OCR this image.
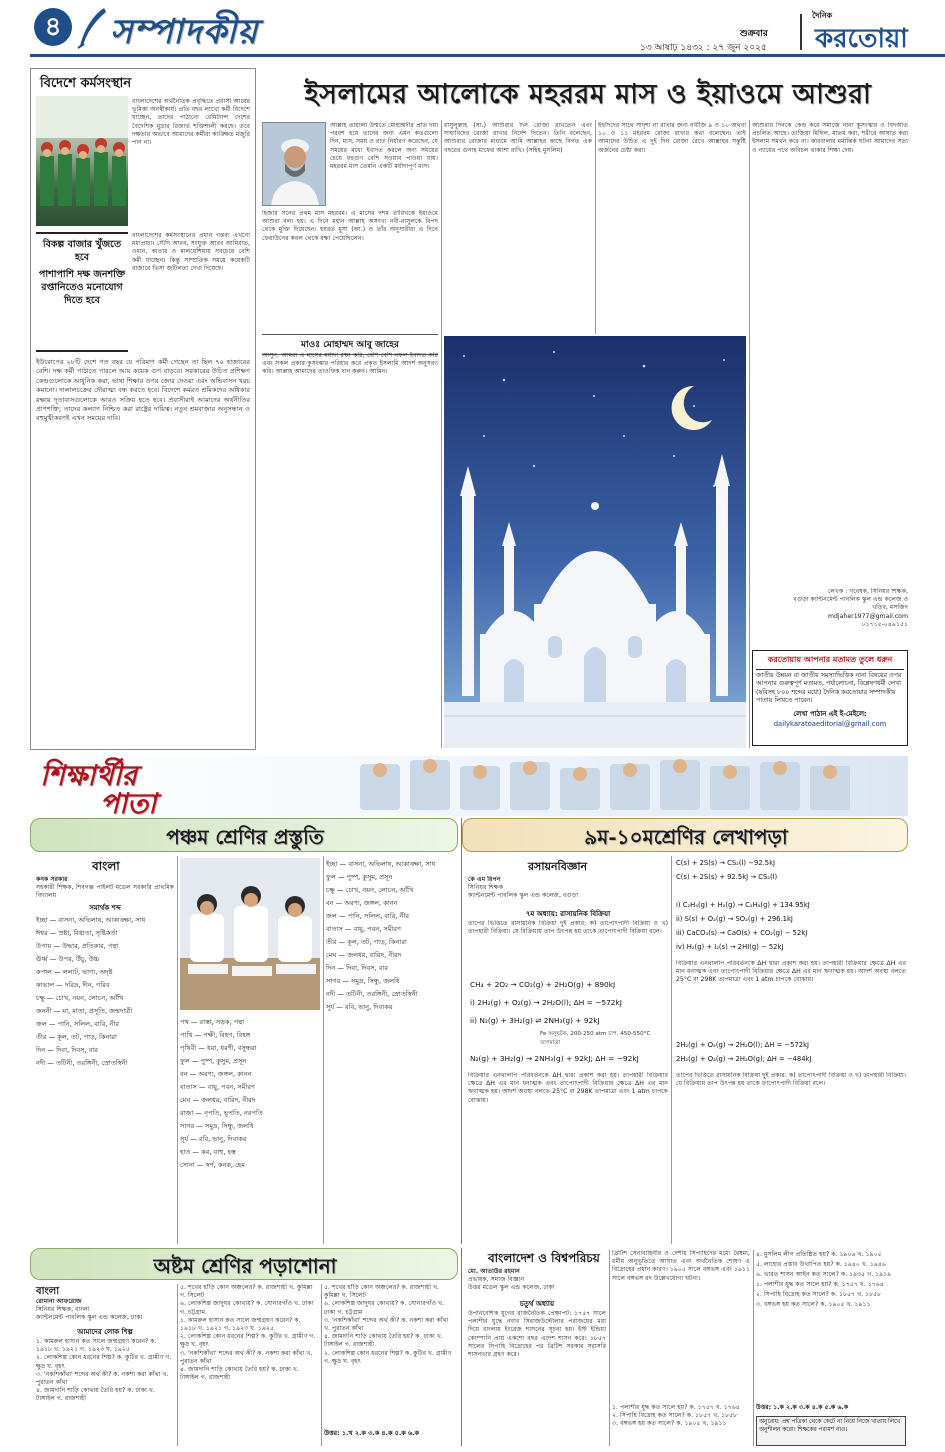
৪	সম্পাদকীয়	১৩ আষাঢ় ১৪৩২ : ২৭ জুন ২০২৫
শুক্রবার
দৈনিক
করতোয়া
বিদেশে কর্মসংস্থান
বাংলাদেশের অর্থনৈতিক প্রবৃদ্ধিতে প্রবাসী আয়ের ভূমিকা অনস্বীকার্য। প্রতি বছর লাখো কর্মী বিদেশে যাচ্ছেন, তাদের পাঠানো রেমিট্যান্স দেশের বৈদেশিক মুদ্রার রিজার্ভ শক্তিশালী করছে। তবে দক্ষতার অভাবে আমাদের কর্মীরা কাঙ্ক্ষিত মজুরি পান না।
বিকল্প বাজার খুঁজতে হবে
পাশাপাশি দক্ষ জনশক্তি রপ্তানিতেও মনোযোগ দিতে হবে
বাংলাদেশের কর্মসংস্থানের প্রধান গন্তব্য এখনো মধ্যপ্রাচ্য। সৌদি আরব, সংযুক্ত আরব আমিরাত, ওমান, কাতার ও মালয়েশিয়ায় সবচেয়ে বেশি কর্মী যাচ্ছেন। কিন্তু সাম্প্রতিক সময়ে কয়েকটি বাজারে ভিসা জটিলতা দেখা দিয়েছে।
ইউরোপের ২৮টি দেশে গত বছর যে পরিমাণ কর্মী গেছেন তা ছিল ৭০ হাজারের বেশি। দক্ষ কর্মী পাঠাতে পারলে আয় কয়েক গুণ বাড়বে। সরকারের উচিত প্রশিক্ষণ কেন্দ্রগুলোকে আধুনিক করা, ভাষা শিক্ষার ওপর জোর দেওয়া এবং অভিবাসন খরচ কমানো। দালালচক্রের দৌরাত্ম্য বন্ধ করতে হবে। বিদেশে কর্মরত শ্রমিকদের অধিকার রক্ষায় দূতাবাসগুলোকে আরও সক্রিয় হতে হবে। প্রবাসীরাই আমাদের অর্থনীতির প্রাণশক্তি; তাদের কল্যাণ নিশ্চিত করা রাষ্ট্রের দায়িত্ব। নতুন শ্রমবাজার অনুসন্ধান ও বহুমুখীকরণই এখন সময়ের দাবি।
ইসলামের আলোকে মহররম মাস ও ইয়াওমে আশুরা
আল্লাহ তায়ালা উম্মতে মোহাম্মদীর প্রতি দয়া পরবশ হয়ে তাদের জন্য এমন কতগুলো দিন, মাস, সময় ও রাত নির্ধারণ করেছেন, যে সময়ের মধ্যে ইবাদত করলে অন্য সময়ের চেয়ে বহুগুণ বেশি সওয়াব পাওয়া যায়। মহররম মাস তেমনি একটি মর্যাদাপূর্ণ মাস।
হিজরি সনের প্রথম মাস মহররম। এ মাসের দশম তারিখকে ইয়াওমে আশুরা বলা হয়। এ দিনে মহান আল্লাহ অসংখ্য নবী-রাসুলকে বিপদ থেকে মুক্তি দিয়েছেন। হযরত মুসা (আ.) ও তাঁর অনুসারীরা এ দিনে ফেরাউনের কবল থেকে রক্ষা পেয়েছিলেন।
রাসুলুল্লাহ (সা.) আশুরার দিন রোজা রাখতেন এবং সাহাবিদের রোজা রাখার নির্দেশ দিতেন। তিনি বলেছেন, আশুরার রোজার মাধ্যমে আমি আল্লাহর কাছে বিগত এক বছরের গুনাহ মাফের আশা রাখি। (সহিহ মুসলিম)
ইহুদিদের সাথে সাদৃশ্য না রাখার জন্য নবীজি ৯ ও ১০ অথবা ১০ ও ১১ মহররম রোজা রাখার কথা বলেছেন। তাই আমাদের উচিত এ দুই দিন রোজা রেখে আল্লাহর সন্তুষ্টি অর্জনের চেষ্টা করা।
আশুরার দিনকে কেন্দ্র করে সমাজে নানা কুসংস্কার ও বিদআত প্রচলিত আছে। তাজিয়া মিছিল, মাতম করা, শরীরে আঘাত করা ইসলাম সমর্থন করে না। কারবালার মর্মান্তিক ঘটনা আমাদের সত্য ও ন্যায়ের পথে অবিচল থাকার শিক্ষা দেয়।
মাওঃ মোহাম্মদ আবু জাহের
আসুন, আমরা এ মাসের মর্যাদা রক্ষা করি, বেশি বেশি নফল ইবাদত করি এবং সকল প্রকার কুসংস্কার পরিহার করে প্রকৃত ইসলামি আদর্শ অনুসরণ করি। আল্লাহ আমাদের তাওফিক দান করুন। আমিন।
লেখক : গবেষক, সিনিয়র শিক্ষক,
বগুড়া ক্যান্টনমেন্ট পাবলিক স্কুল এন্ড কলেজ ও
খতিব, মসজিদ
mdjaher1977@gmail.com
০১৭১৫-০৪৯১৫১
করতোয়ায় আপনার মতামত তুলে ধরুন
জাতীয় উন্নয়ন বা জাতীয় সমস্যাভিত্তিক নানা বিষয়ের ওপর আপনার গুরুত্বপূর্ণ মতামত, পর্যালোচনা, বিশ্লেষণধর্মী লেখা (ছবিসহ ৮০০ শব্দের মধ্যে) দৈনিক করতোয়ার সম্পাদকীয় পাতায় লিখতে পারেন।
লেখা পাঠান এই ই-মেইলে:
dailykaratoaeditorial@gmail.com
শিক্ষার্থীর
পাতা
পঞ্চম শ্রেণির প্রস্তুতি
বাংলা
কনক সরকার
সহকারী শিক্ষক, শিবগঞ্জ পাইলট মডেল সরকারি প্রাথমিক বিদ্যালয়
সমার্থক শব্দ
ইচ্ছা — বাসনা, অভিলাষ, আকাঙ্ক্ষা, সাধ
ঈশ্বর — স্রষ্টা, বিধাতা, সৃষ্টিকর্তা
উপায় — উদ্ধার, প্রতিকার, পন্থা
ঊর্ধ্ব — উপর, উঁচু, উচ্চ
কপাল — ললাট, ভাগ্য, অদৃষ্ট
কাঙাল — দরিদ্র, দীন, গরিব
চক্ষু — চোখ, নয়ন, লোচন, আঁখি
জননী — মা, মাতা, প্রসূতি, জন্মদাত্রী
জল — পানি, সলিল, বারি, নীর
তীর — কূল, তট, পাড়, কিনারা
দিন — দিবা, দিবস, বার
নদী — তটিনী, তরঙ্গিনী, স্রোতস্বিনী
পথ — রাস্তা, সড়ক, পন্থা
পাখি — পক্ষী, বিহগ, বিহঙ্গ
পৃথিবী — ধরা, ধরণী, বসুন্ধরা
ফুল — পুষ্প, কুসুম, প্রসূন
বন — অরণ্য, জঙ্গল, কানন
বাতাস — বায়ু, পবন, সমীরণ
মেঘ — জলধর, বারিদ, নীরদ
রাজা — নৃপতি, ভূপতি, নরপতি
সাগর — সমুদ্র, সিন্ধু, জলধি
সূর্য — রবি, ভানু, দিবাকর
হাত — কর, বাহু, হস্ত
সোনা — স্বর্ণ, কনক, হেম
ইচ্ছা — বাসনা, অভিলাষ, আকাঙ্ক্ষা, সাধ
ফুল — পুষ্প, কুসুম, প্রসূন
চক্ষু — চোখ, নয়ন, লোচন, আঁখি
বন — অরণ্য, জঙ্গল, কানন
জল — পানি, সলিল, বারি, নীর
বাতাস — বায়ু, পবন, সমীরণ
তীর — কূল, তট, পাড়, কিনারা
মেঘ — জলধর, বারিদ, নীরদ
দিন — দিবা, দিবস, বার
সাগর — সমুদ্র, সিন্ধু, জলধি
নদী — তটিনী, তরঙ্গিনী, স্রোতস্বিনী
সূর্য — রবি, ভানু, দিবাকর
৯ম-১০মশ্রেণির লেখাপড়া
রসায়নবিজ্ঞান
কে এম রিপন
সিনিয়র শিক্ষক
ক্যান্টনমেন্ট পাবলিক স্কুল এন্ড কলেজ, বগুড়া
৭ম অধ্যায়: রাসায়নিক বিক্রিয়া
তাপের ভিত্তিতে রাসায়নিক বিক্রিয়া দুই প্রকার: ক) তাপোৎপাদী বিক্রিয়া ও খ) তাপহারী বিক্রিয়া। যে বিক্রিয়ায় তাপ উৎপন্ন হয় তাকে তাপোৎপাদী বিক্রিয়া বলে।
CH₄ + 2O₂ → CO₂(g) + 2H₂O(g) + 890kJ
i) 2H₂(g) + O₂(g) → 2H₂O(l); ΔH = −572kJ
ii) N₂(g) + 3H₂(g) ⇌ 2NH₃(g) + 92kJ
Fe অনুঘটক, 200-250 atm চাপ, 450-550°C তাপমাত্রা
N₂(g) + 3H₂(g) → 2NH₃(g) + 92kJ; ΔH = −92kJ
বিক্রিয়ার এনথালপি পরিবর্তনকে ΔH দ্বারা প্রকাশ করা হয়। তাপহারী বিক্রিয়ার ক্ষেত্রে ΔH এর মান ধনাত্মক এবং তাপোৎপাদী বিক্রিয়ার ক্ষেত্রে ΔH এর মান ঋণাত্মক হয়। আদর্শ অবস্থা বলতে 25°C বা 298K তাপমাত্রা এবং 1 atm চাপকে বোঝায়।
C(s) + 2S(s) → CS₂(l) −92.5kJ
C(s) + 2S(s) + 92.5kJ → CS₂(l)
i) C₂H₄(g) + H₂(g) → C₂H₆(g) + 134.95kJ
ii) S(s) + O₂(g) → SO₂(g) + 296.1kJ
iii) CaCO₃(s) → CaO(s) + CO₂(g) − 52kJ
iv) H₂(g) + I₂(s) → 2HI(g) − 52kJ
বিক্রিয়ার এনথালপি পরিবর্তনকে ΔH দ্বারা প্রকাশ করা হয়। তাপহারী বিক্রিয়ার ক্ষেত্রে ΔH এর মান ধনাত্মক এবং তাপোৎপাদী বিক্রিয়ার ক্ষেত্রে ΔH এর মান ঋণাত্মক হয়। আদর্শ অবস্থা বলতে 25°C বা 298K তাপমাত্রা এবং 1 atm চাপকে বোঝায়।
2H₂(g) + O₂(g) → 2H₂O(l); ΔH = −572kJ
2H₂(g) + O₂(g) → 2H₂O(g); ΔH = −484kJ
তাপের ভিত্তিতে রাসায়নিক বিক্রিয়া দুই প্রকার: ক) তাপোৎপাদী বিক্রিয়া ও খ) তাপহারী বিক্রিয়া। যে বিক্রিয়ায় তাপ উৎপন্ন হয় তাকে তাপোৎপাদী বিক্রিয়া বলে।
অষ্টম শ্রেণির পড়াশোনা
বাংলা
রোমানা আফরোজ
সিনিয়র শিক্ষক, বাংলা
ক্যান্টনমেন্ট পাবলিক স্কুল এন্ড কলেজ, ঢাকা
আমাদের লোক শিল্প
১. কামরুল হাসান কত সালে জন্মগ্রহণ করেন? ক. ১৯১৮ খ. ১৯২১ গ. ১৯২৩ ঘ. ১৯২৫
২. লোকশিল্প কোন ধরনের শিল্প? ক. কুটির খ. গ্রামীণ গ. ক্ষুদ্র ঘ. বৃহৎ
৩. 'নকশিকাঁথা' শব্দের অর্থ কী? ক. নকশা করা কাঁথা খ. পুরাতন কাঁথা
৪. জামদানি শাড়ি কোথায় তৈরি হয়? ক. ঢাকা খ. টাঙ্গাইল গ. রাজশাহী
৫. শখের হাঁড়ি কোন অঞ্চলের? ক. রাজশাহী খ. কুমিল্লা গ. সিলেট
৬. লোকশিল্প জাদুঘর কোথায়? ক. সোনারগাঁও খ. ঢাকা গ. চট্টগ্রাম
১. কামরুল হাসান কত সালে জন্মগ্রহণ করেন? ক. ১৯১৮ খ. ১৯২১ গ. ১৯২৩ ঘ. ১৯২৫
২. লোকশিল্প কোন ধরনের শিল্প? ক. কুটির খ. গ্রামীণ গ. ক্ষুদ্র ঘ. বৃহৎ
৩. 'নকশিকাঁথা' শব্দের অর্থ কী? ক. নকশা করা কাঁথা খ. পুরাতন কাঁথা
৪. জামদানি শাড়ি কোথায় তৈরি হয়? ক. ঢাকা খ. টাঙ্গাইল গ. রাজশাহী
৫. শখের হাঁড়ি কোন অঞ্চলের? ক. রাজশাহী খ. কুমিল্লা গ. সিলেট
৬. লোকশিল্প জাদুঘর কোথায়? ক. সোনারগাঁও খ. ঢাকা গ. চট্টগ্রাম
৩. 'নকশিকাঁথা' শব্দের অর্থ কী? ক. নকশা করা কাঁথা খ. পুরাতন কাঁথা
৪. জামদানি শাড়ি কোথায় তৈরি হয়? ক. ঢাকা খ. টাঙ্গাইল গ. রাজশাহী
২. লোকশিল্প কোন ধরনের শিল্প? ক. কুটির খ. গ্রামীণ গ. ক্ষুদ্র ঘ. বৃহৎ
উত্তর: ১.খ ২.ক ৩.ক ৪.ক ৫.ক ৬.ক
বাংলাদেশ ও বিশ্বপরিচয়
মো. আতাউর রহমান
প্রভাষক, সমাজ বিজ্ঞান
উত্তর মডেল স্কুল এন্ড কলেজ, ঢাকা
চতুর্থ অধ্যায়
উপনিবেশিক যুগের রাজনৈতিক প্রেক্ষাপট: ১৭৫৭ সালে পলাশীর যুদ্ধে নবাব সিরাজউদ্দৌলার পরাজয়ের মধ্য দিয়ে বাংলায় ইংরেজ শাসনের সূচনা হয়। ইস্ট ইন্ডিয়া কোম্পানি প্রায় একশো বছর এদেশ শাসন করে। ১৮৫৭ সালের সিপাহি বিদ্রোহের পর ব্রিটিশ সরকার সরাসরি শাসনভার গ্রহণ করে।
ব্রিটিশ সেনাবাহিনীর ও দেশীয় সিপাহিদের মধ্যে বৈষম্য, ধর্মীয় অনুভূতিতে আঘাত এবং অর্থনৈতিক শোষণ এ বিদ্রোহের প্রধান কারণ। ১৯০৫ সালে বঙ্গভঙ্গ এবং ১৯১১ সালে বঙ্গভঙ্গ রদ উল্লেখযোগ্য ঘটনা।
১. পলাশীর যুদ্ধ কত সালে হয়? ক. ১৭৫৭ খ. ১৭৬৪
২. সিপাহি বিদ্রোহ কত সালে? ক. ১৮৫৭ খ. ১৮৫৮
৩. বঙ্গভঙ্গ হয় কত সালে? ক. ১৯০৫ খ. ১৯১১
৪. মুসলিম লীগ প্রতিষ্ঠিত হয়? ক. ১৯০৬ খ. ১৯০৫
৫. লাহোর প্রস্তাব উত্থাপিত হয়? ক. ১৯৪০ খ. ১৯৪৬
৬. ভারত শাসন আইন কত সালে? ক. ১৯৩৫ খ. ১৯১৯
১. পলাশীর যুদ্ধ কত সালে হয়? ক. ১৭৫৭ খ. ১৭৬৪
২. সিপাহি বিদ্রোহ কত সালে? ক. ১৮৫৭ খ. ১৮৫৮
৩. বঙ্গভঙ্গ হয় কত সালে? ক. ১৯০৫ খ. ১৯১১
উত্তর: ১.ক ২.ক ৩.ক ৪.ক ৫.ক ৬.ক
অনুরোধ: প্রশ্ন পত্রিকা থেকে কেটে না নিয়ে নিজে খাতায় লিখে অনুশীলন করো। শিক্ষকের পরামর্শ নাও।
